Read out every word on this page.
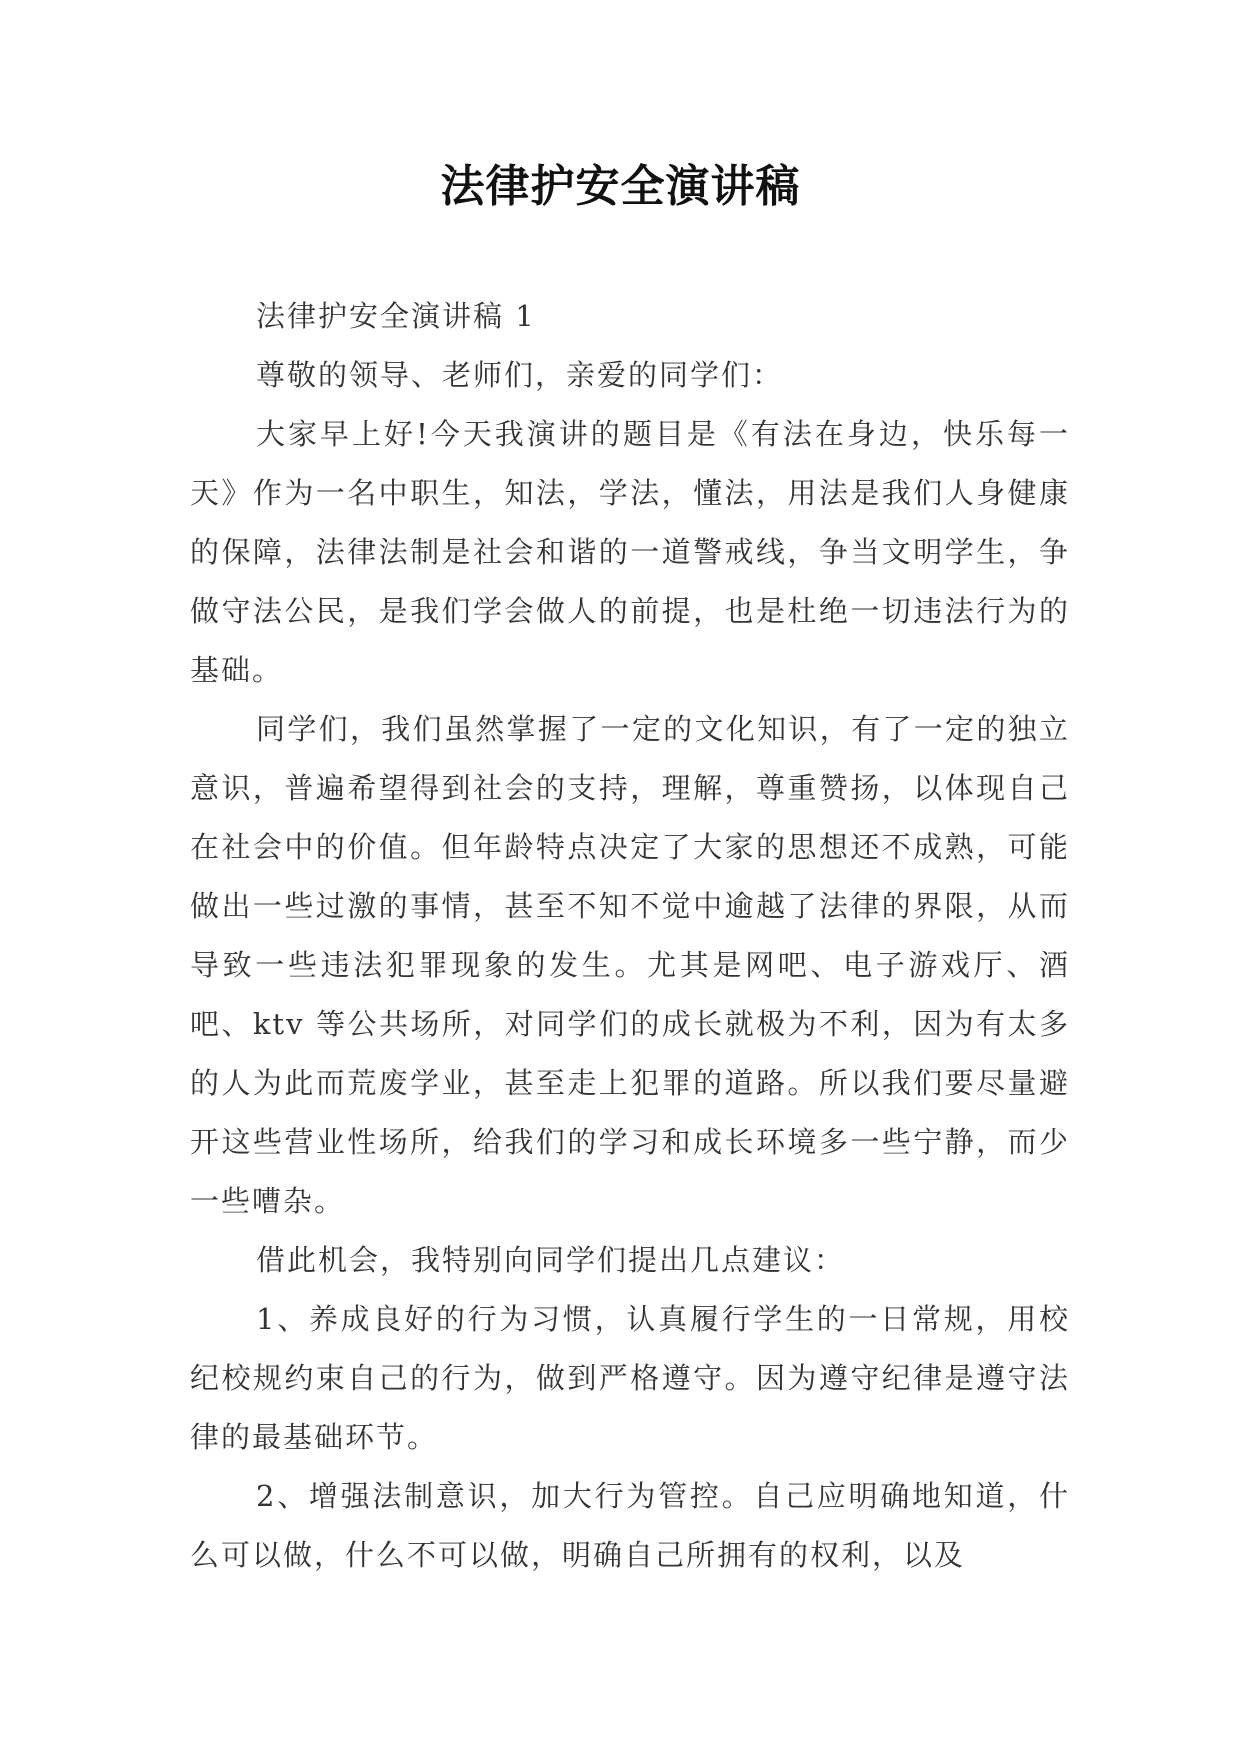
法律护安全演讲稿

法律护安全演讲稿 1

尊敬的领导、老师们，亲爱的同学们：

大家早上好!今天我演讲的题目是《有法在身边，快乐每一天》作为一名中职生，知法，学法，懂法，用法是我们人身健康的保障，法律法制是社会和谐的一道警戒线，争当文明学生，争做守法公民，是我们学会做人的前提，也是杜绝一切违法行为的基础。

同学们，我们虽然掌握了一定的文化知识，有了一定的独立意识，普遍希望得到社会的支持，理解，尊重赞扬，以体现自己在社会中的价值。但年龄特点决定了大家的思想还不成熟，可能做出一些过激的事情，甚至不知不觉中逾越了法律的界限，从而导致一些违法犯罪现象的发生。尤其是网吧、电子游戏厅、酒吧、ktv 等公共场所，对同学们的成长就极为不利，因为有太多的人为此而荒废学业，甚至走上犯罪的道路。所以我们要尽量避开这些营业性场所，给我们的学习和成长环境多一些宁静，而少一些嘈杂。

借此机会，我特别向同学们提出几点建议：

1、养成良好的行为习惯，认真履行学生的一日常规，用校纪校规约束自己的行为，做到严格遵守。因为遵守纪律是遵守法律的最基础环节。

2、增强法制意识，加大行为管控。自己应明确地知道，什么可以做，什么不可以做，明确自己所拥有的权利，以及
